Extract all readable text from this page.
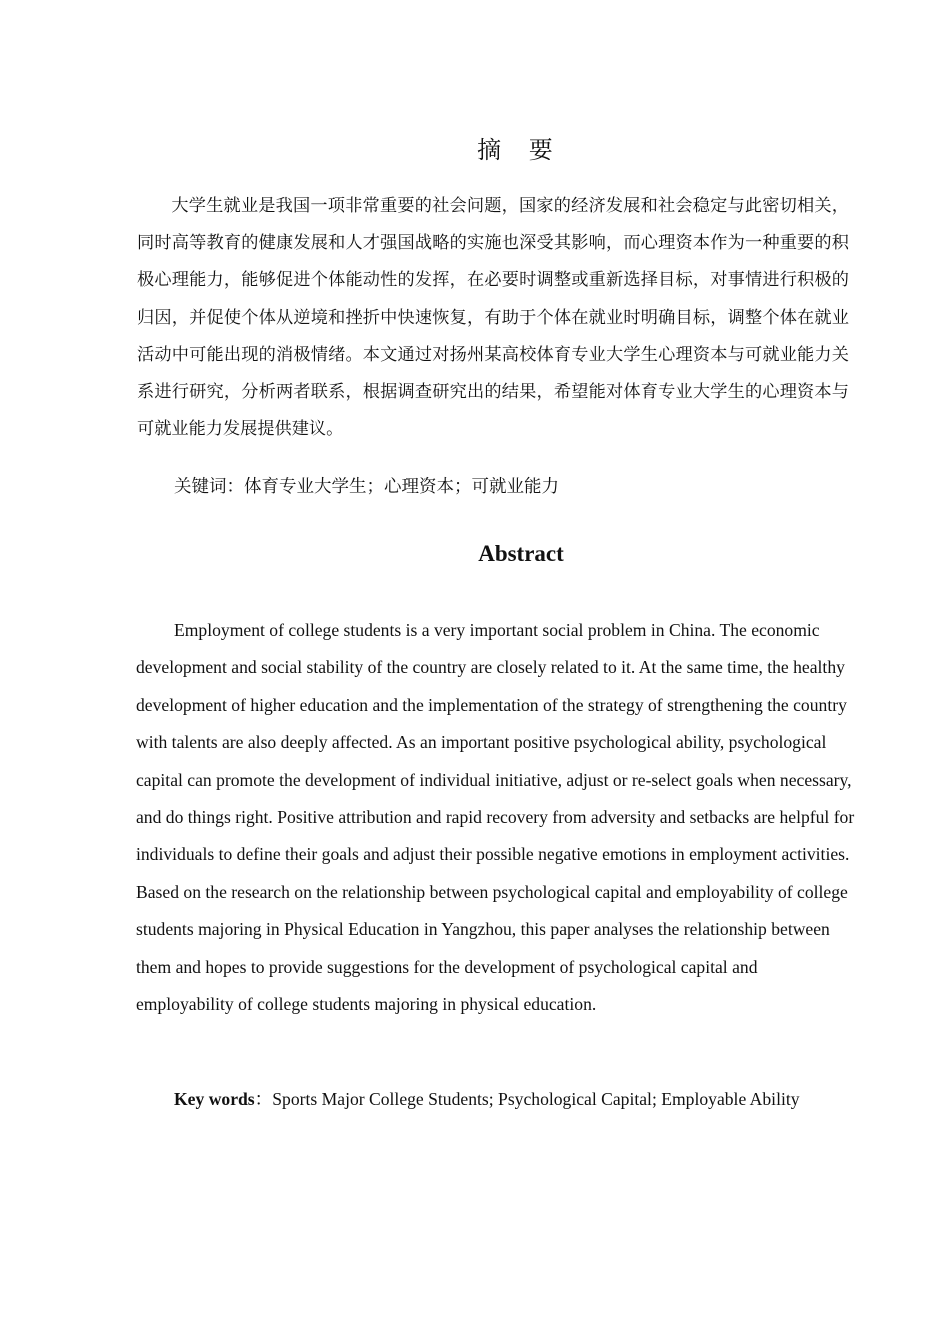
摘 要

大学生就业是我国一项非常重要的社会问题，国家的经济发展和社会稳定与此密切相关，同时高等教育的健康发展和人才强国战略的实施也深受其影响，而心理资本作为一种重要的积极心理能力，能够促进个体能动性的发挥，在必要时调整或重新选择目标，对事情进行积极的归因，并促使个体从逆境和挫折中快速恢复，有助于个体在就业时明确目标，调整个体在就业活动中可能出现的消极情绪。本文通过对扬州某高校体育专业大学生心理资本与可就业能力关系进行研究，分析两者联系，根据调查研究出的结果，希望能对体育专业大学生的心理资本与可就业能力发展提供建议。

关键词：体育专业大学生；心理资本；可就业能力

Abstract

Employment of college students is a very important social problem in China. The economic development and social stability of the country are closely related to it. At the same time, the healthy development of higher education and the implementation of the strategy of strengthening the country with talents are also deeply affected. As an important positive psychological ability, psychological capital can promote the development of individual initiative, adjust or re-select goals when necessary, and do things right. Positive attribution and rapid recovery from adversity and setbacks are helpful for individuals to define their goals and adjust their possible negative emotions in employment activities. Based on the research on the relationship between psychological capital and employability of college students majoring in Physical Education in Yangzhou, this paper analyses the relationship between them and hopes to provide suggestions for the development of psychological capital and employability of college students majoring in physical education.

Key words：Sports Major College Students; Psychological Capital; Employable Ability
